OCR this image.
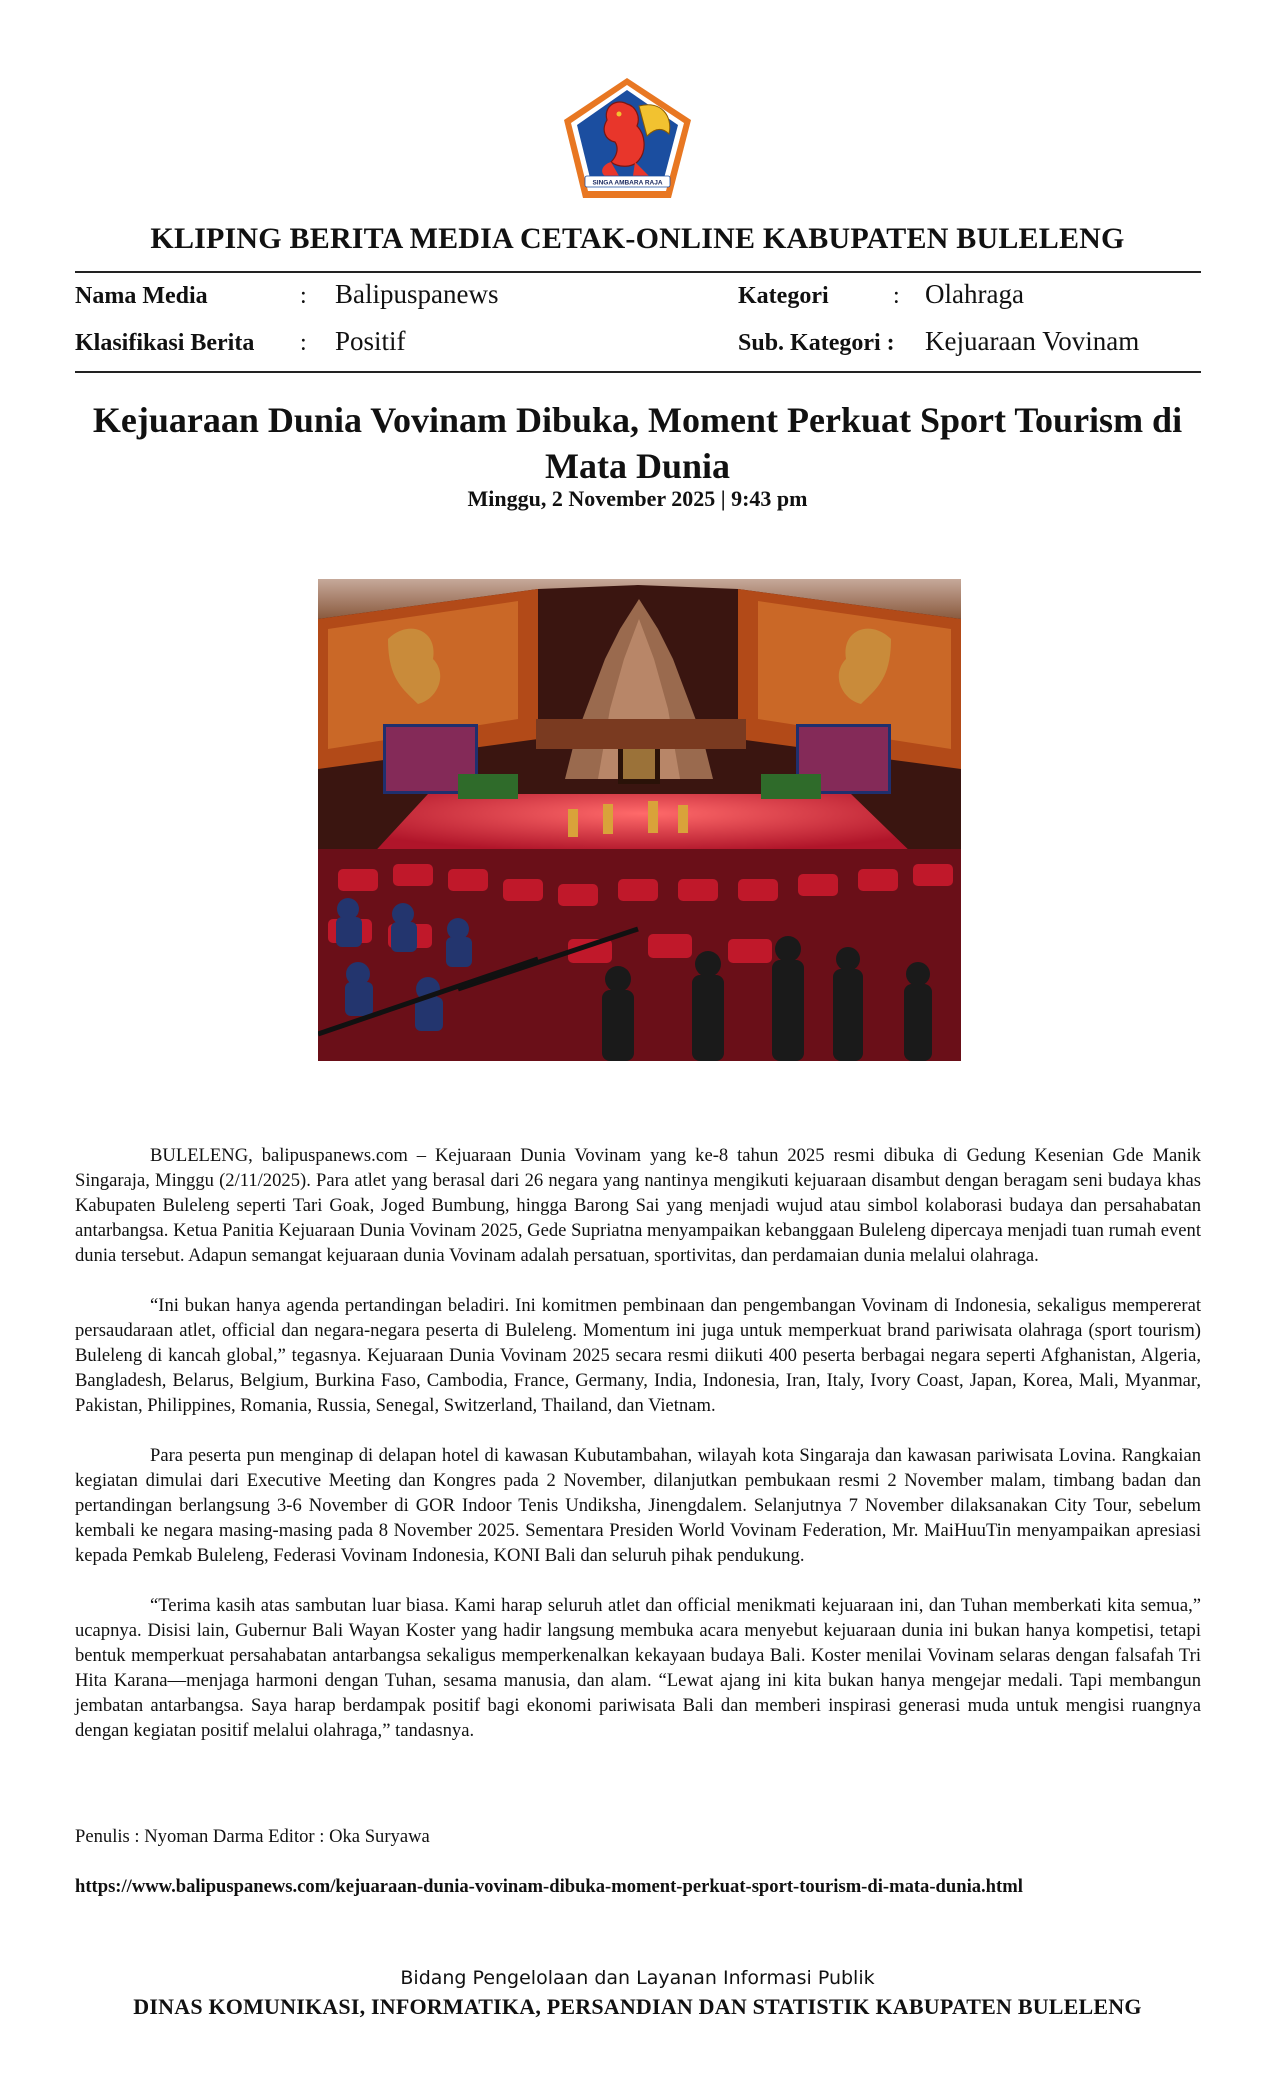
SINGA AMBARA RAJA
KLIPING BERITA MEDIA CETAK-ONLINE KABUPATEN BULELENG
Nama Media	: Balipuspanews
Klasifikasi Berita : Positif
Kategori	: Olahraga
Sub. Kategori : Kejuaraan Vovinam
Kejuaraan Dunia Vovinam Dibuka, Moment Perkuat Sport Tourism di Mata Dunia
Minggu, 2 November 2025 | 9:43 pm

BULELENG, balipuspanews.com – Kejuaraan Dunia Vovinam yang ke-8 tahun 2025 resmi dibuka di Gedung Kesenian Gde Manik Singaraja, Minggu (2/11/2025). Para atlet yang berasal dari 26 negara yang nantinya mengikuti kejuaraan disambut dengan beragam seni budaya khas Kabupaten Buleleng seperti Tari Goak, Joged Bumbung, hingga Barong Sai yang menjadi wujud atau simbol kolaborasi budaya dan persahabatan antarbangsa. Ketua Panitia Kejuaraan Dunia Vovinam 2025, Gede Supriatna menyampaikan kebanggaan Buleleng dipercaya menjadi tuan rumah event dunia tersebut. Adapun semangat kejuaraan dunia Vovinam adalah persatuan, sportivitas, dan perdamaian dunia melalui olahraga.

“Ini bukan hanya agenda pertandingan beladiri. Ini komitmen pembinaan dan pengembangan Vovinam di Indonesia, sekaligus mempererat persaudaraan atlet, official dan negara-negara peserta di Buleleng. Momentum ini juga untuk memperkuat brand pariwisata olahraga (sport tourism) Buleleng di kancah global,” tegasnya. Kejuaraan Dunia Vovinam 2025 secara resmi diikuti 400 peserta berbagai negara seperti Afghanistan, Algeria, Bangladesh, Belarus, Belgium, Burkina Faso, Cambodia, France, Germany, India, Indonesia, Iran, Italy, Ivory Coast, Japan, Korea, Mali, Myanmar, Pakistan, Philippines, Romania, Russia, Senegal, Switzerland, Thailand, dan Vietnam.

Para peserta pun menginap di delapan hotel di kawasan Kubutambahan, wilayah kota Singaraja dan kawasan pariwisata Lovina. Rangkaian kegiatan dimulai dari Executive Meeting dan Kongres pada 2 November, dilanjutkan pembukaan resmi 2 November malam, timbang badan dan pertandingan berlangsung 3-6 November di GOR Indoor Tenis Undiksha, Jinengdalem. Selanjutnya 7 November dilaksanakan City Tour, sebelum kembali ke negara masing-masing pada 8 November 2025. Sementara Presiden World Vovinam Federation, Mr. MaiHuuTin menyampaikan apresiasi kepada Pemkab Buleleng, Federasi Vovinam Indonesia, KONI Bali dan seluruh pihak pendukung.

“Terima kasih atas sambutan luar biasa. Kami harap seluruh atlet dan official menikmati kejuaraan ini, dan Tuhan memberkati kita semua,” ucapnya. Disisi lain, Gubernur Bali Wayan Koster yang hadir langsung membuka acara menyebut kejuaraan dunia ini bukan hanya kompetisi, tetapi bentuk memperkuat persahabatan antarbangsa sekaligus memperkenalkan kekayaan budaya Bali. Koster menilai Vovinam selaras dengan falsafah Tri Hita Karana—menjaga harmoni dengan Tuhan, sesama manusia, dan alam. “Lewat ajang ini kita bukan hanya mengejar medali. Tapi membangun jembatan antarbangsa. Saya harap berdampak positif bagi ekonomi pariwisata Bali dan memberi inspirasi generasi muda untuk mengisi ruangnya dengan kegiatan positif melalui olahraga,” tandasnya.

Penulis : Nyoman Darma Editor : Oka Suryawa
https://www.balipuspanews.com/kejuaraan-dunia-vovinam-dibuka-moment-perkuat-sport-tourism-di-mata-dunia.html
Bidang Pengelolaan dan Layanan Informasi Publik
DINAS KOMUNIKASI, INFORMATIKA, PERSANDIAN DAN STATISTIK KABUPATEN BULELENG
